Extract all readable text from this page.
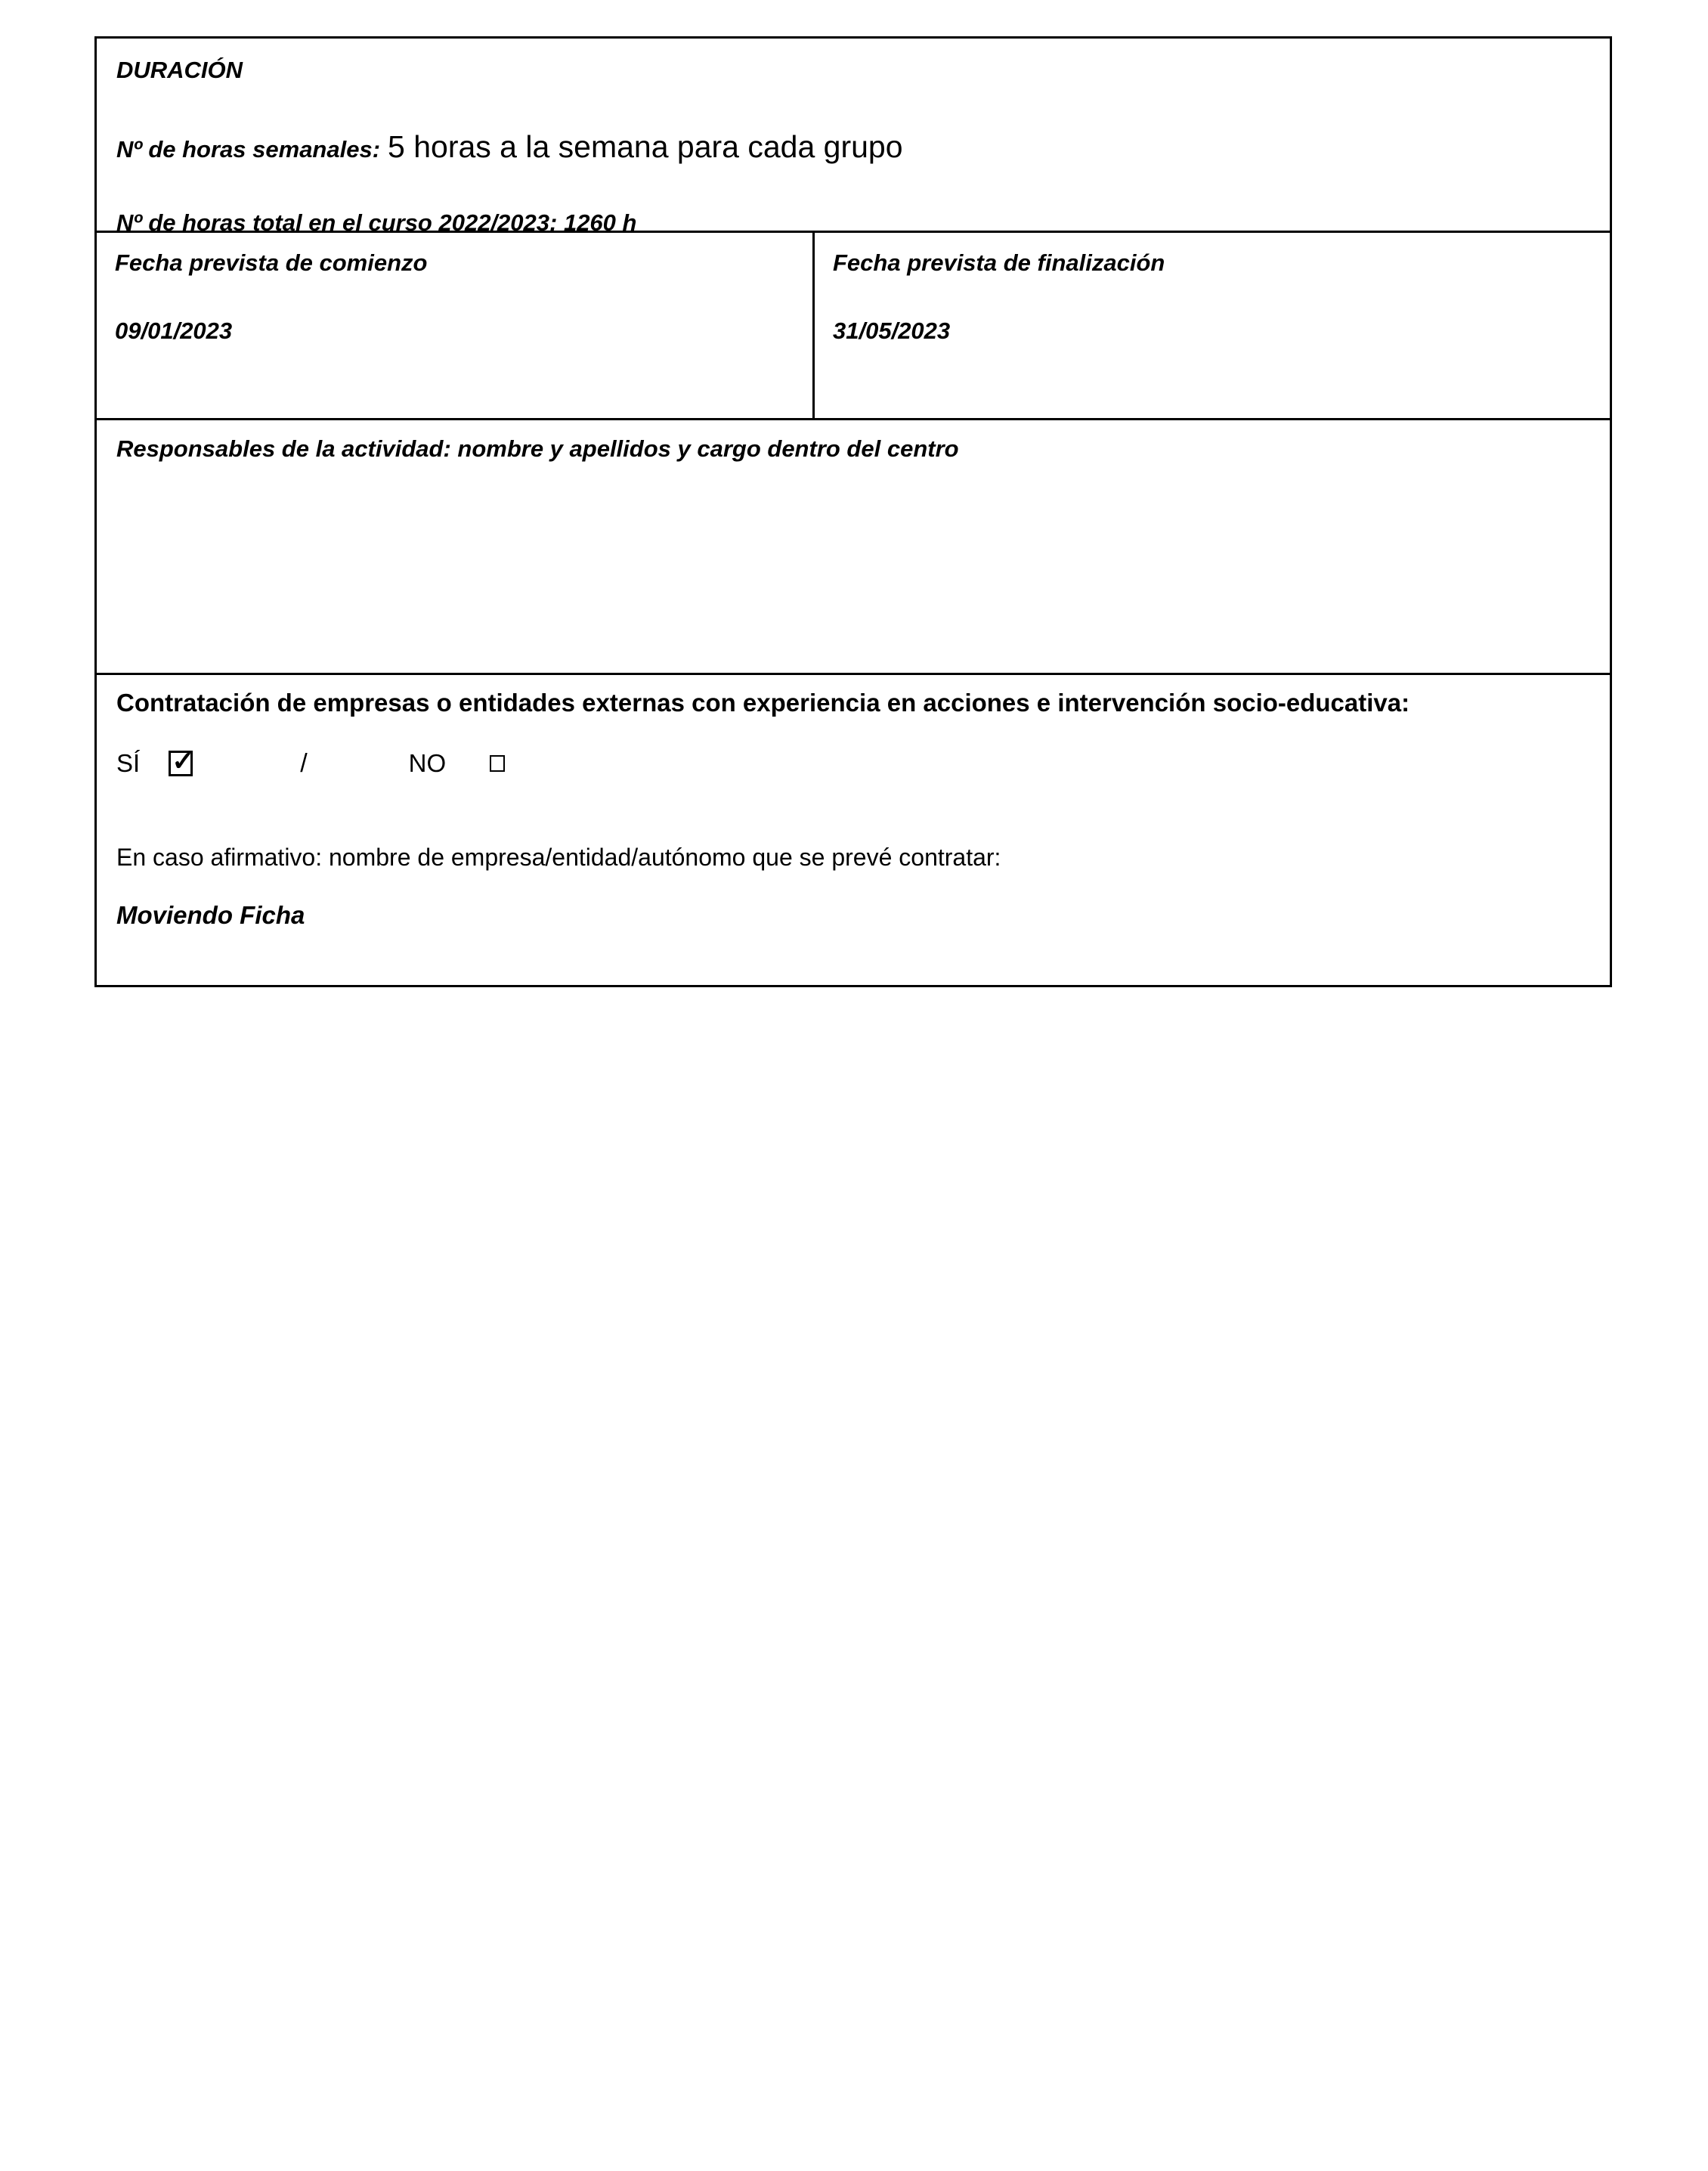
DURACIÓN

Nº de horas semanales: 5 horas a la semana para cada grupo

Nº de horas total en el curso 2022/2023: 1260 h

Fecha prevista de comienzo

09/01/2023

Fecha prevista de finalización

31/05/2023

Responsables de la actividad: nombre y apellidos y cargo dentro del centro

Contratación de empresas o entidades externas con experiencia en acciones e intervención socio-educativa:

SÍ ✓	/	NO

En caso afirmativo: nombre de empresa/entidad/autónomo que se prevé contratar:

Moviendo Ficha
